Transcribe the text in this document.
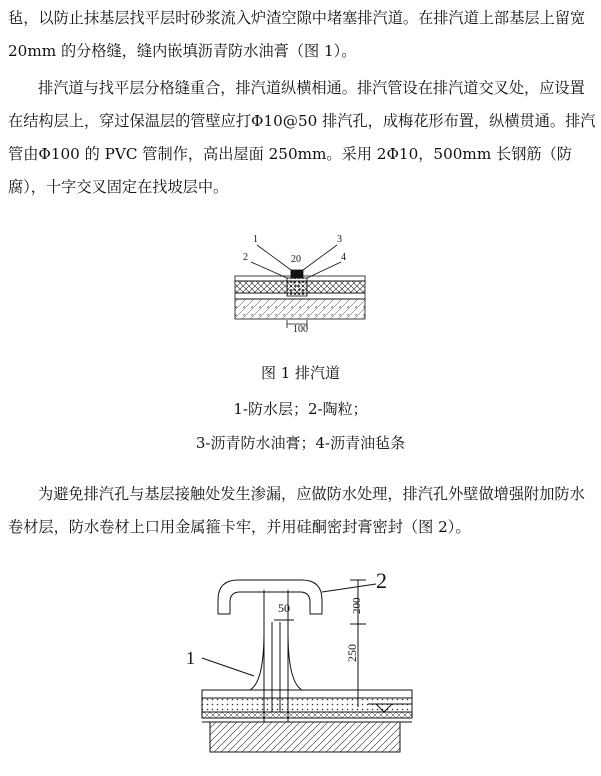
毡，以防止抹基层找平层时砂浆流入炉渣空隙中堵塞排汽道。在排汽道上部基层上留宽 20mm 的分格缝，缝内嵌填沥青防水油膏（图 1）。

排汽道与找平层分格缝重合，排汽道纵横相通。排汽管设在排汽道交叉处，应设置在结构层上，穿过保温层的管壁应打Φ10@50 排汽孔，成梅花形布置，纵横贯通。排汽管由Φ100 的 PVC 管制作，高出屋面 250mm。采用 2Φ10，500mm 长钢筋（防腐），十字交叉固定在找坡层中。

1
2
3
4
20
100

图 1 排汽道

1-防水层；2-陶粒；

3-沥青防水油膏；4-沥青油毡条

为避免排汽孔与基层接触处发生渗漏，应做防水处理，排汽孔外壁做增强附加防水卷材层，防水卷材上口用金属箍卡牢，并用硅酮密封膏密封（图 2）。

1
2
50	200
250
